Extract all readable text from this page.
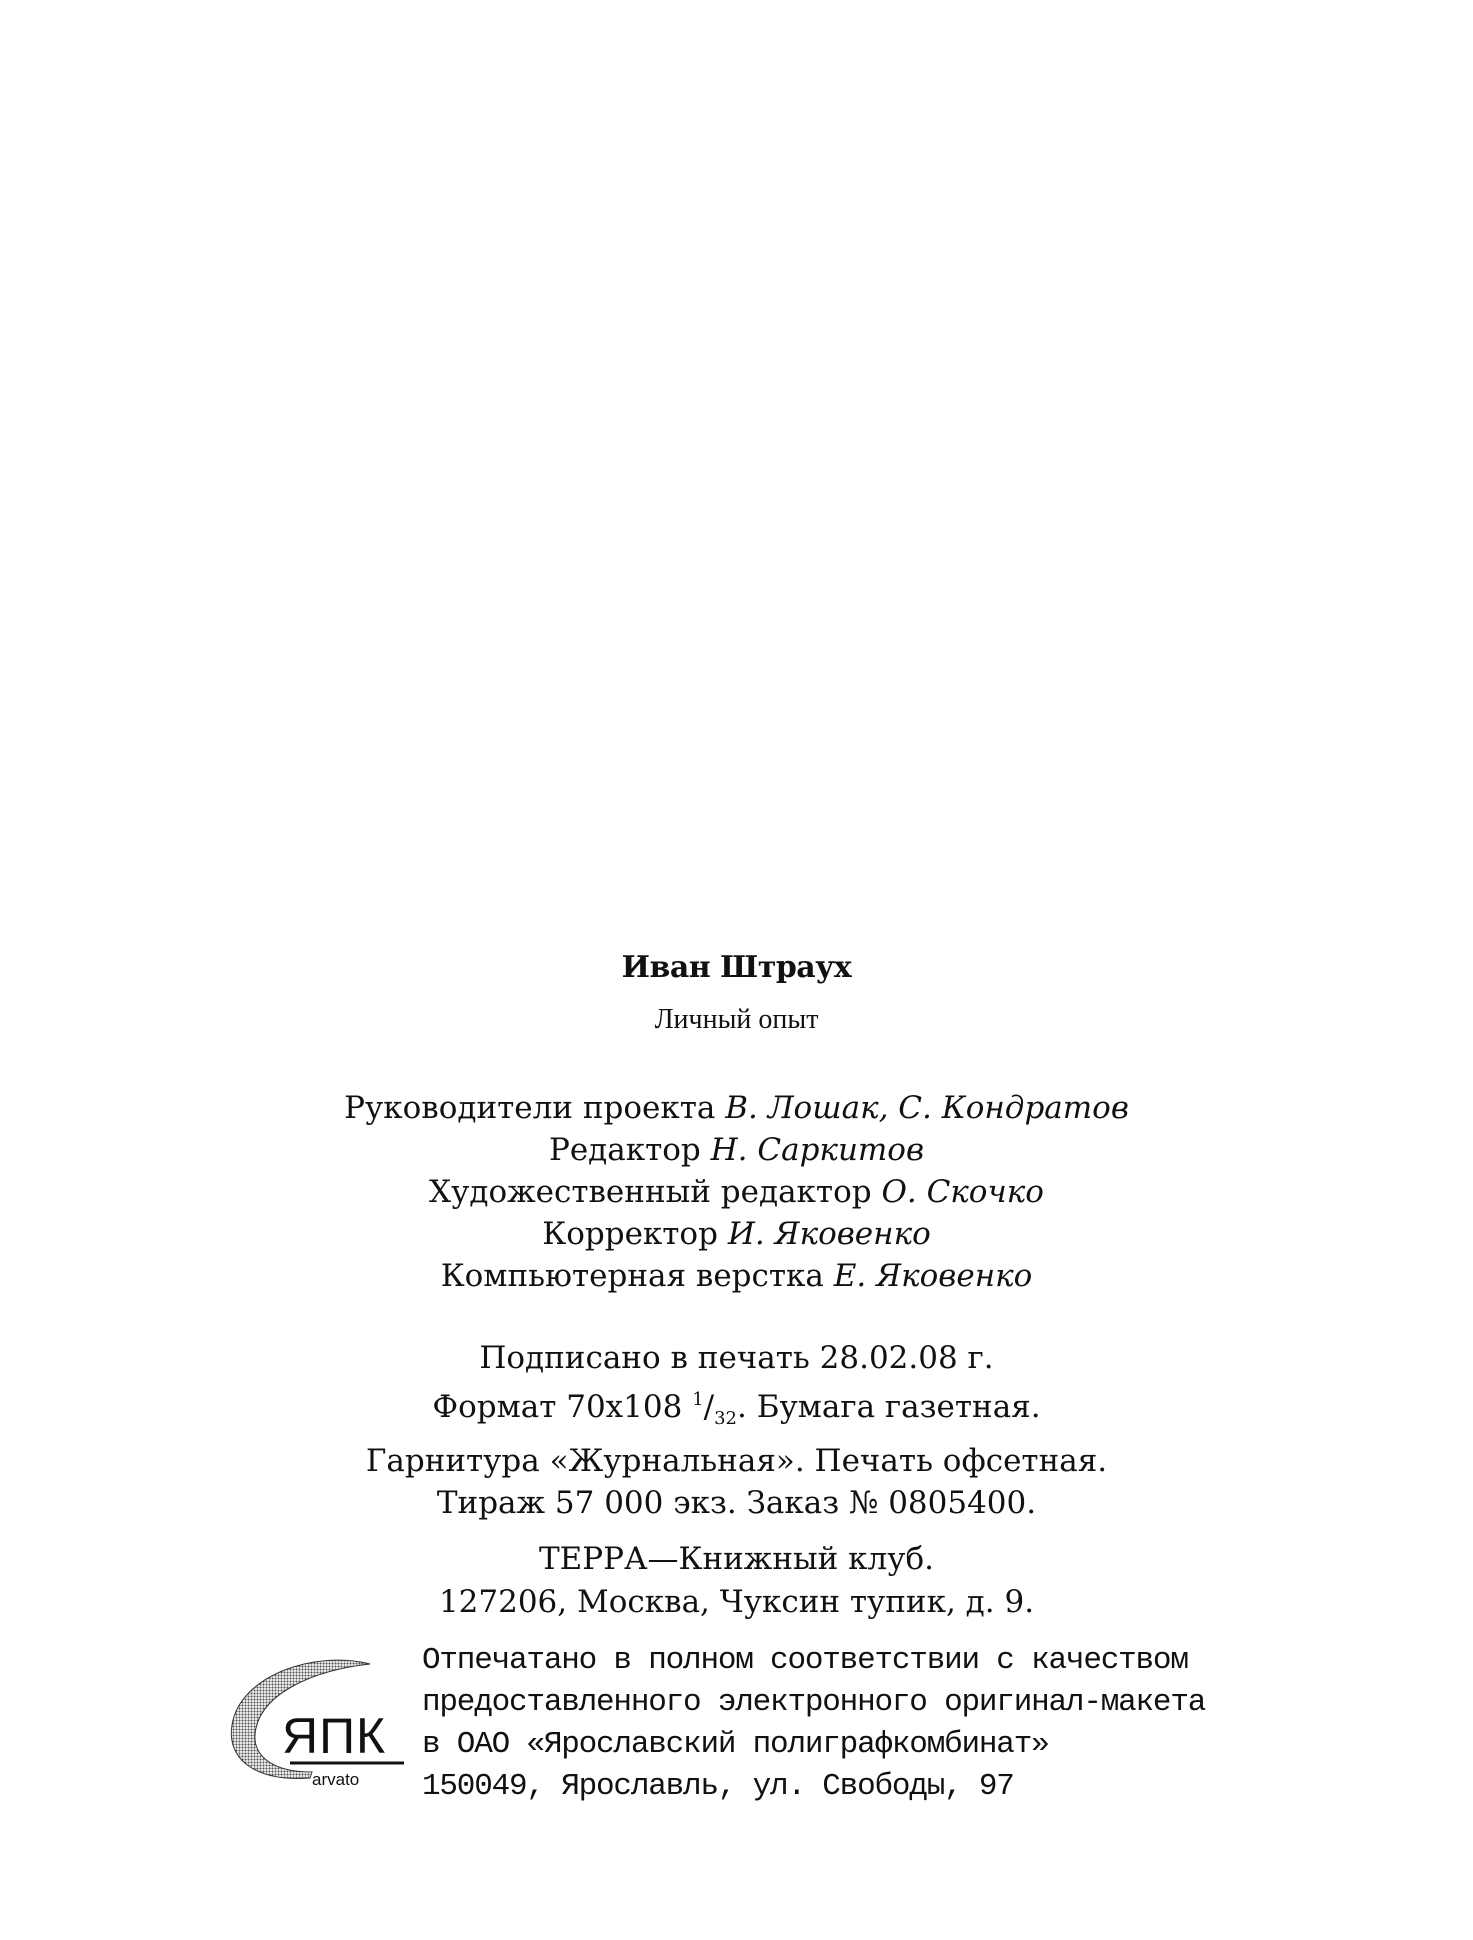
Иван Штраух
Личный опыт
Руководители проекта В. Лошак, С. Кондратов
Редактор Н. Саркитов
Художественный редактор О. Скочко
Корректор И. Яковенко
Компьютерная верстка Е. Яковенко
Подписано в печать 28.02.08 г.
Формат 70x108 $^1/_{32}$. Бумага газетная.
Гарнитура «Журнальная». Печать офсетная.
Тираж 57 000 экз. Заказ № 0805400.
ТЕРРА—Книжный клуб.
127206, Москва, Чуксин тупик, д. 9.
ЯПК
arvato
Отпечатано в полном соответствии с качеством
предоставленного электронного оригинал-макета
в ОАО «Ярославский полиграфкомбинат»
150049, Ярославль, ул. Свободы, 97
